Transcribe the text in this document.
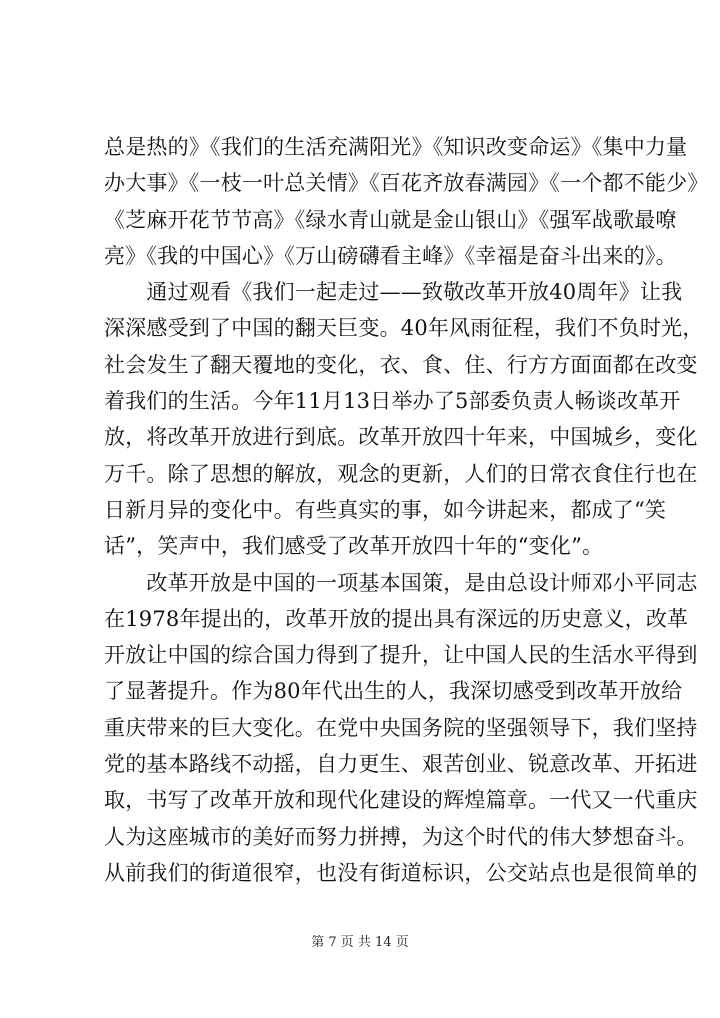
总是热的》《我们的生活充满阳光》《知识改变命运》《集中力量
办大事》《一枝一叶总关情》《百花齐放春满园》《一个都不能少》
《芝麻开花节节高》《绿水青山就是金山银山》《强军战歌最嘹
亮》《我的中国心》《万山磅礴看主峰》《幸福是奋斗出来的》。
　　通过观看《我们一起走过——致敬改革开放40周年》让我
深深感受到了中国的翻天巨变。40年风雨征程，我们不负时光，
社会发生了翻天覆地的变化，衣、食、住、行方方面面都在改变
着我们的生活。今年11月13日举办了5部委负责人畅谈改革开
放，将改革开放进行到底。改革开放四十年来，中国城乡，变化
万千。除了思想的解放，观念的更新，人们的日常衣食住行也在
日新月异的变化中。有些真实的事，如今讲起来，都成了“笑
话”，笑声中，我们感受了改革开放四十年的“变化”。
　　改革开放是中国的一项基本国策，是由总设计师邓小平同志
在1978年提出的，改革开放的提出具有深远的历史意义，改革
开放让中国的综合国力得到了提升，让中国人民的生活水平得到
了显著提升。作为80年代出生的人，我深切感受到改革开放给
重庆带来的巨大变化。在党中央国务院的坚强领导下，我们坚持
党的基本路线不动摇，自力更生、艰苦创业、锐意改革、开拓进
取，书写了改革开放和现代化建设的辉煌篇章。一代又一代重庆
人为这座城市的美好而努力拼搏，为这个时代的伟大梦想奋斗。
从前我们的街道很窄，也没有街道标识，公交站点也是很简单的
第 7 页 共 14 页
